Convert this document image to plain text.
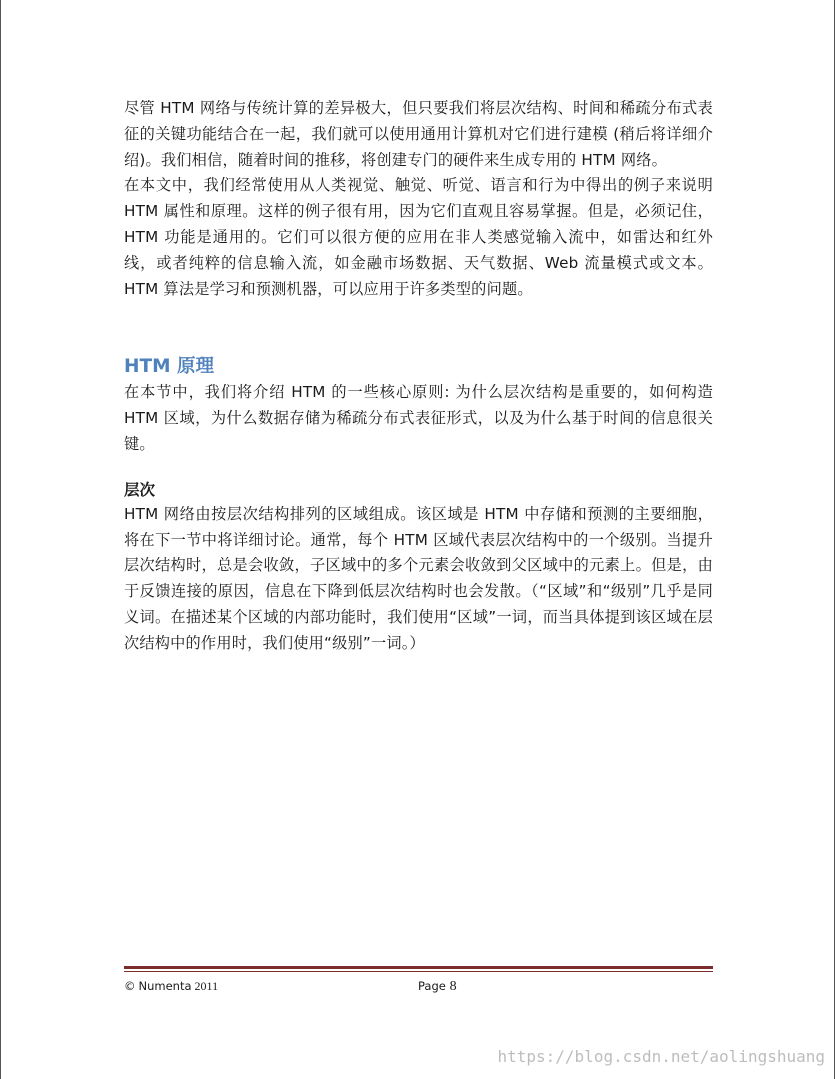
尽管 HTM 网络与传统计算的差异极大，但只要我们将层次结构、时间和稀疏分布式表征的关键功能结合在一起，我们就可以使用通用计算机对它们进行建模 (稍后将详细介绍)。我们相信，随着时间的推移，将创建专门的硬件来生成专用的 HTM 网络。

在本文中，我们经常使用从人类视觉、触觉、听觉、语言和行为中得出的例子来说明 HTM 属性和原理。这样的例子很有用，因为它们直观且容易掌握。但是，必须记住，HTM 功能是通用的。它们可以很方便的应用在非人类感觉输入流中，如雷达和红外线，或者纯粹的信息输入流，如金融市场数据、天气数据、Web 流量模式或文本。HTM 算法是学习和预测机器，可以应用于许多类型的问题。

HTM 原理

在本节中，我们将介绍 HTM 的一些核心原则: 为什么层次结构是重要的，如何构造 HTM 区域，为什么数据存储为稀疏分布式表征形式，以及为什么基于时间的信息很关键。

层次

HTM 网络由按层次结构排列的区域组成。该区域是 HTM 中存储和预测的主要细胞，将在下一节中将详细讨论。通常，每个 HTM 区域代表层次结构中的一个级别。当提升层次结构时，总是会收敛，子区域中的多个元素会收敛到父区域中的元素上。但是，由于反馈连接的原因，信息在下降到低层次结构时也会发散。（“区域”和“级别”几乎是同义词。在描述某个区域的内部功能时，我们使用“区域”一词，而当具体提到该区域在层次结构中的作用时，我们使用“级别”一词。）

© Numenta 2011	Page 8
https://blog.csdn.net/aolingshuang
